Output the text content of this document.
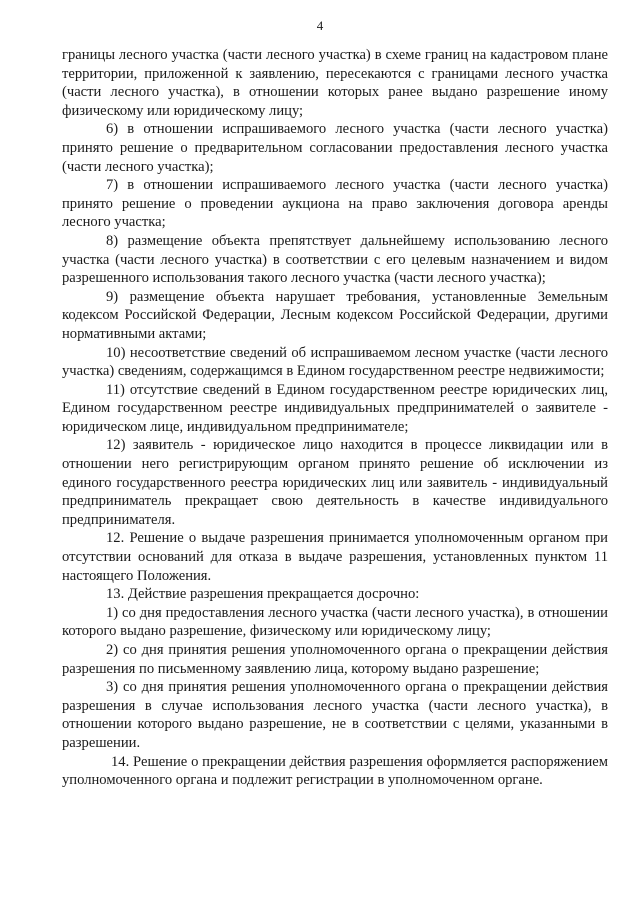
4

границы лесного участка (части лесного участка) в схеме границ на кадастровом плане территории, приложенной к заявлению, пересекаются с границами лесного участка (части лесного участка), в отношении которых ранее выдано разрешение иному физическому или юридическому лицу;

6) в отношении испрашиваемого лесного участка (части лесного участка) принято решение о предварительном согласовании предоставления лесного участка (части лесного участка);

7) в отношении испрашиваемого лесного участка (части лесного участка) принято решение о проведении аукциона на право заключения договора аренды лесного участка;

8) размещение объекта препятствует дальнейшему использованию лесного участка (части лесного участка) в соответствии с его целевым назначением и видом разрешенного использования такого лесного участка (части лесного участка);

9) размещение объекта нарушает требования, установленные Земельным кодексом Российской Федерации, Лесным кодексом Российской Федерации, другими нормативными актами;

10) несоответствие сведений об испрашиваемом лесном участке (части лесного участка) сведениям, содержащимся в Едином государственном реестре недвижимости;

11) отсутствие сведений в Едином государственном реестре юридических лиц, Едином государственном реестре индивидуальных предпринимателей о заявителе - юридическом лице, индивидуальном предпринимателе;

12) заявитель - юридическое лицо находится в процессе ликвидации или в отношении него регистрирующим органом принято решение об исключении из единого государственного реестра юридических лиц или заявитель - индивидуальный предприниматель прекращает свою деятельность в качестве индивидуального предпринимателя.

12. Решение о выдаче разрешения принимается уполномоченным органом при отсутствии оснований для отказа в выдаче разрешения, установленных пунктом 11 настоящего Положения.

13. Действие разрешения прекращается досрочно:

1) со дня предоставления лесного участка (части лесного участка), в отношении которого выдано разрешение, физическому или юридическому лицу;

2) со дня принятия решения уполномоченного органа о прекращении действия разрешения по письменному заявлению лица, которому выдано разрешение;

3) со дня принятия решения уполномоченного органа о прекращении действия разрешения в случае использования лесного участка (части лесного участка), в отношении которого выдано разрешение, не в соответствии с целями, указанными в разрешении.

14. Решение о прекращении действия разрешения оформляется распоряжением уполномоченного органа и подлежит регистрации в уполномоченном органе.
